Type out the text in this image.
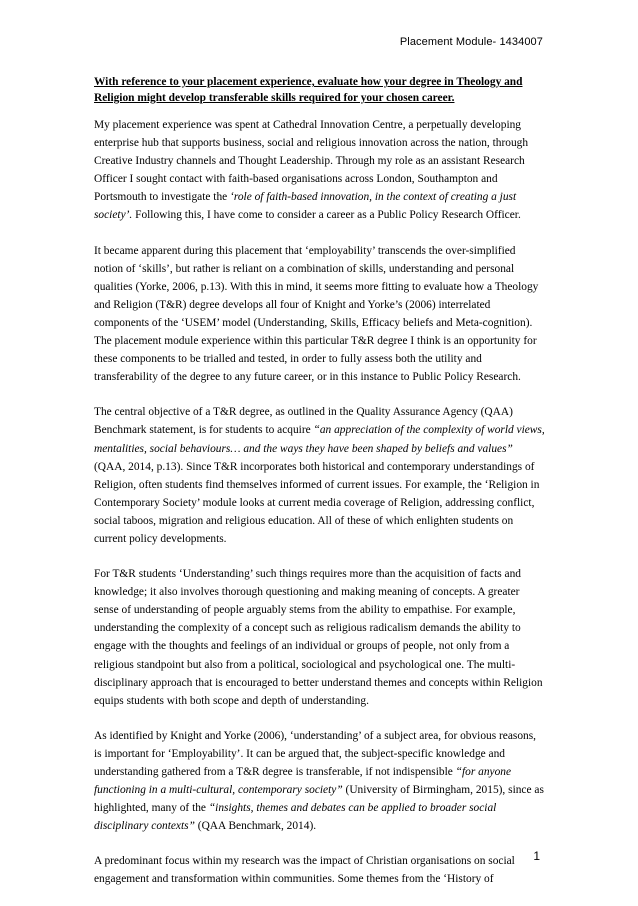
Placement Module- 1434007
With reference to your placement experience, evaluate how your degree in Theology and Religion might develop transferable skills required for your chosen career.

My placement experience was spent at Cathedral Innovation Centre, a perpetually developing enterprise hub that supports business, social and religious innovation across the nation, through Creative Industry channels and Thought Leadership. Through my role as an assistant Research Officer I sought contact with faith-based organisations across London, Southampton and Portsmouth to investigate the ‘role of faith-based innovation, in the context of creating a just society’. Following this, I have come to consider a career as a Public Policy Research Officer.

It became apparent during this placement that ‘employability’ transcends the over-simplified notion of ‘skills’, but rather is reliant on a combination of skills, understanding and personal qualities (Yorke, 2006, p.13). With this in mind, it seems more fitting to evaluate how a Theology and Religion (T&R) degree develops all four of Knight and Yorke’s (2006) interrelated components of the ‘USEM’ model (Understanding, Skills, Efficacy beliefs and Meta-cognition). The placement module experience within this particular T&R degree I think is an opportunity for these components to be trialled and tested, in order to fully assess both the utility and transferability of the degree to any future career, or in this instance to Public Policy Research.

The central objective of a T&R degree, as outlined in the Quality Assurance Agency (QAA) Benchmark statement, is for students to acquire “an appreciation of the complexity of world views, mentalities, social behaviours… and the ways they have been shaped by beliefs and values” (QAA, 2014, p.13). Since T&R incorporates both historical and contemporary understandings of Religion, often students find themselves informed of current issues. For example, the ‘Religion in Contemporary Society’ module looks at current media coverage of Religion, addressing conflict, social taboos, migration and religious education. All of these of which enlighten students on current policy developments.

For T&R students ‘Understanding’ such things requires more than the acquisition of facts and knowledge; it also involves thorough questioning and making meaning of concepts. A greater sense of understanding of people arguably stems from the ability to empathise. For example, understanding the complexity of a concept such as religious radicalism demands the ability to engage with the thoughts and feelings of an individual or groups of people, not only from a religious standpoint but also from a political, sociological and psychological one. The multi-disciplinary approach that is encouraged to better understand themes and concepts within Religion equips students with both scope and depth of understanding.

As identified by Knight and Yorke (2006), ‘understanding’ of a subject area, for obvious reasons, is important for ‘Employability’. It can be argued that, the subject-specific knowledge and understanding gathered from a T&R degree is transferable, if not indispensible “for anyone functioning in a multi-cultural, contemporary society” (University of Birmingham, 2015), since as highlighted, many of the “insights, themes and debates can be applied to broader social disciplinary contexts” (QAA Benchmark, 2014).

A predominant focus within my research was the impact of Christian organisations on social engagement and transformation within communities. Some themes from the ‘History of

1
